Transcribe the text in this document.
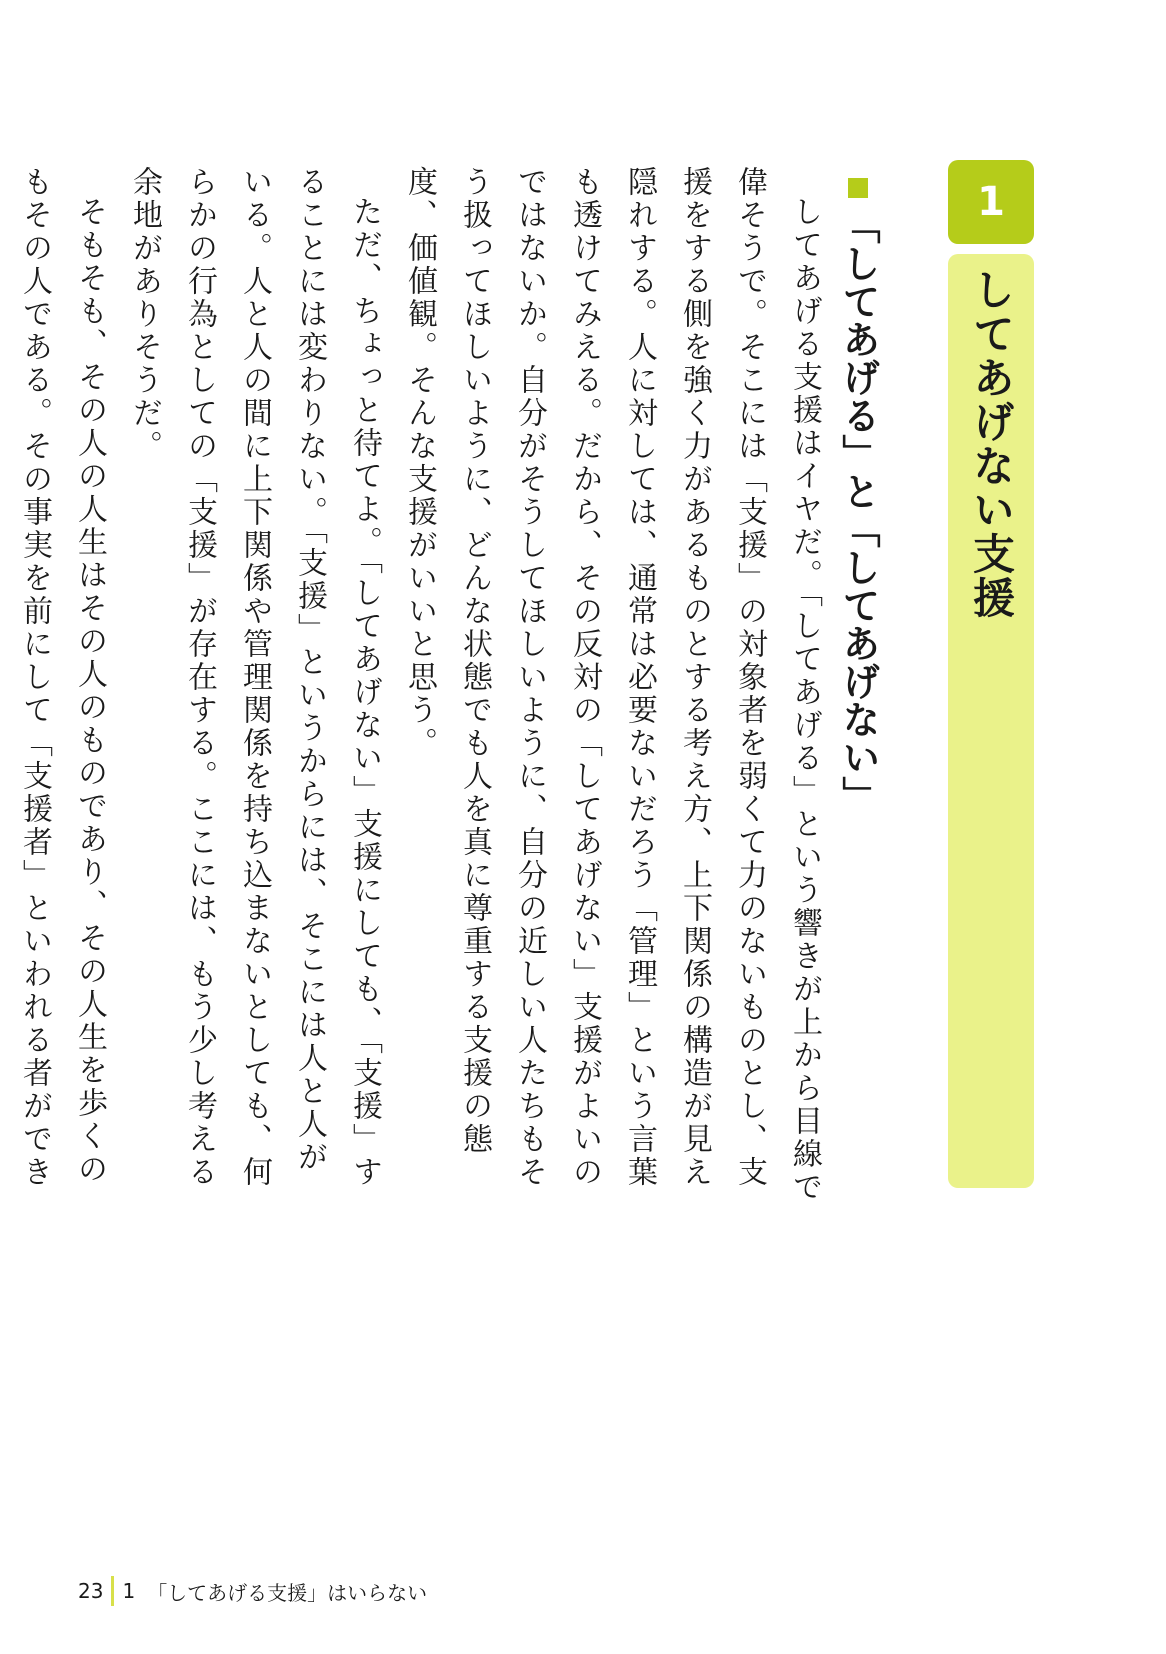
1
してあげない支援
「してあげる」と「してあげない」

してあげる支援はイヤだ。「してあげる」という響きが上から目線で偉そうで。そこには「支援」の対象者を弱くて力のないものとし、支援をする側を強く力があるものとする考え方、上下関係の構造が見え隠れする。人に対しては、通常は必要ないだろう「管理」という言葉も透けてみえる。だから、その反対の「してあげない」支援がよいのではないか。自分がそうしてほしいように、自分の近しい人たちもそう扱ってほしいように、どんな状態でも人を真に尊重する支援の態度、価値観。そんな支援がいいと思う。

ただ、ちょっと待てよ。「してあげない」支援にしても、「支援」することには変わりない。「支援」というからには、そこには人と人がいる。人と人の間に上下関係や管理関係を持ち込まないとしても、何らかの行為としての「支援」が存在する。ここには、もう少し考える余地がありそうだ。

そもそも、その人の人生はその人のものであり、その人生を歩くのもその人である。その事実を前にして「支援者」といわれる者ができ

23 1 「してあげる支援」はいらない
